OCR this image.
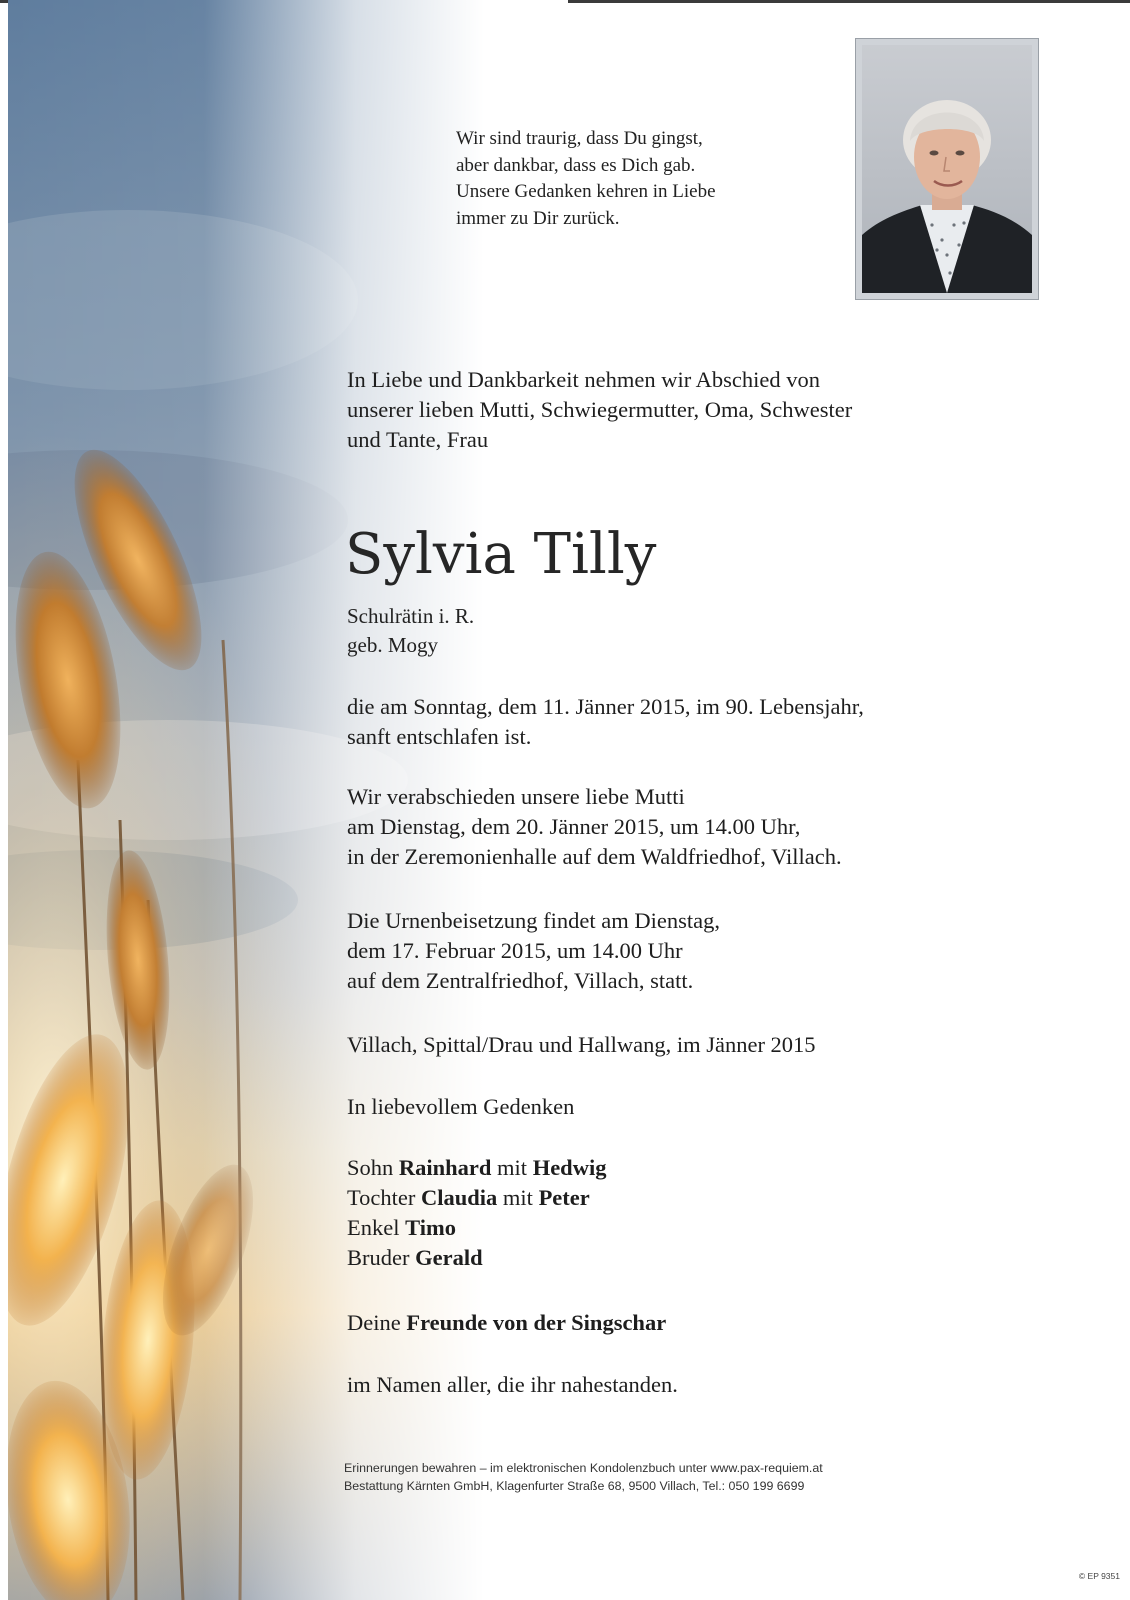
Wir sind traurig, dass Du gingst,
aber dankbar, dass es Dich gab.
Unsere Gedanken kehren in Liebe
immer zu Dir zurück.
In Liebe und Dankbarkeit nehmen wir Abschied von
unserer lieben Mutti, Schwiegermutter, Oma, Schwester
und Tante, Frau
Sylvia Tilly
Schulrätin i. R.
geb. Mogy
die am Sonntag, dem 11. Jänner 2015, im 90. Lebensjahr,
sanft entschlafen ist.
Wir verabschieden unsere liebe Mutti
am Dienstag, dem 20. Jänner 2015, um 14.00 Uhr,
in der Zeremonienhalle auf dem Waldfriedhof, Villach.
Die Urnenbeisetzung findet am Dienstag,
dem 17. Februar 2015, um 14.00 Uhr
auf dem Zentralfriedhof, Villach, statt.
Villach, Spittal/Drau und Hallwang, im Jänner 2015
In liebevollem Gedenken
Sohn Rainhard mit Hedwig
Tochter Claudia mit Peter
Enkel Timo
Bruder Gerald
Deine Freunde von der Singschar
im Namen aller, die ihr nahestanden.
Erinnerungen bewahren – im elektronischen Kondolenzbuch unter www.pax-requiem.at
Bestattung Kärnten GmbH, Klagenfurter Straße 68, 9500 Villach, Tel.: 050 199 6699
© EP 9351
